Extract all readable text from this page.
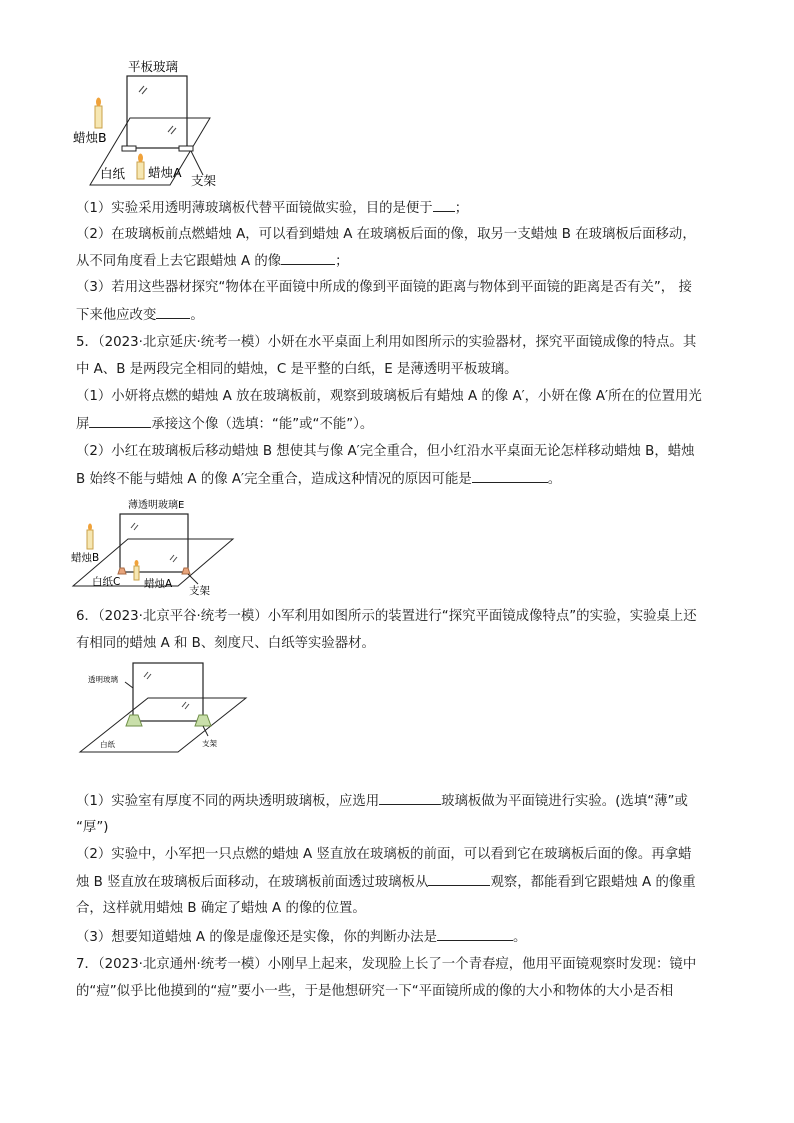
平板玻璃
蜡烛B
白纸 蜡烛A
支架
（1）实验采用透明薄玻璃板代替平面镜做实验，目的是便于 ；
（2）在玻璃板前点燃蜡烛 A，可以看到蜡烛 A 在玻璃板后面的像，取另一支蜡烛 B 在玻璃板后面移动，
从不同角度看上去它跟蜡烛 A 的像	；
（3）若用这些器材探究“物体在平面镜中所成的像到平面镜的距离与物体到平面镜的距离是否有关”， 接
下来他应改变	。
5．（2023·北京延庆·统考一模）小妍在水平桌面上利用如图所示的实验器材，探究平面镜成像的特点。其
中 A、B 是两段完全相同的蜡烛，C 是平整的白纸，E 是薄透明平板玻璃。
（1）小妍将点燃的蜡烛 A 放在玻璃板前，观察到玻璃板后有蜡烛 A 的像 A′，小妍在像 A′所在的位置用光
屏	承接这个像（选填：“能”或“不能”）。
（2）小红在玻璃板后移动蜡烛 B 想使其与像 A′完全重合，但小红沿水平桌面无论怎样移动蜡烛 B，蜡烛
B 始终不能与蜡烛 A 的像 A′完全重合，造成这种情况的原因可能是	。
薄透明玻璃E
蜡烛B
白纸C 蜡烛A
支架
6．（2023·北京平谷·统考一模）小军利用如图所示的装置进行“探究平面镜成像特点”的实验，实验桌上还
有相同的蜡烛 A 和 B、刻度尺、白纸等实验器材。
透明玻璃
白纸	支架
（1）实验室有厚度不同的两块透明玻璃板，应选用	玻璃板做为平面镜进行实验。(选填“薄”或
“厚”)
（2）实验中，小军把一只点燃的蜡烛 A 竖直放在玻璃板的前面，可以看到它在玻璃板后面的像。再拿蜡
烛 B 竖直放在玻璃板后面移动，在玻璃板前面透过玻璃板从	观察，都能看到它跟蜡烛 A 的像重
合，这样就用蜡烛 B 确定了蜡烛 A 的像的位置。
（3）想要知道蜡烛 A 的像是虚像还是实像，你的判断办法是	。
7．（2023·北京通州·统考一模）小刚早上起来，发现脸上长了一个青春痘，他用平面镜观察时发现：镜中
的“痘”似乎比他摸到的“痘”要小一些，于是他想研究一下“平面镜所成的像的大小和物体的大小是否相
